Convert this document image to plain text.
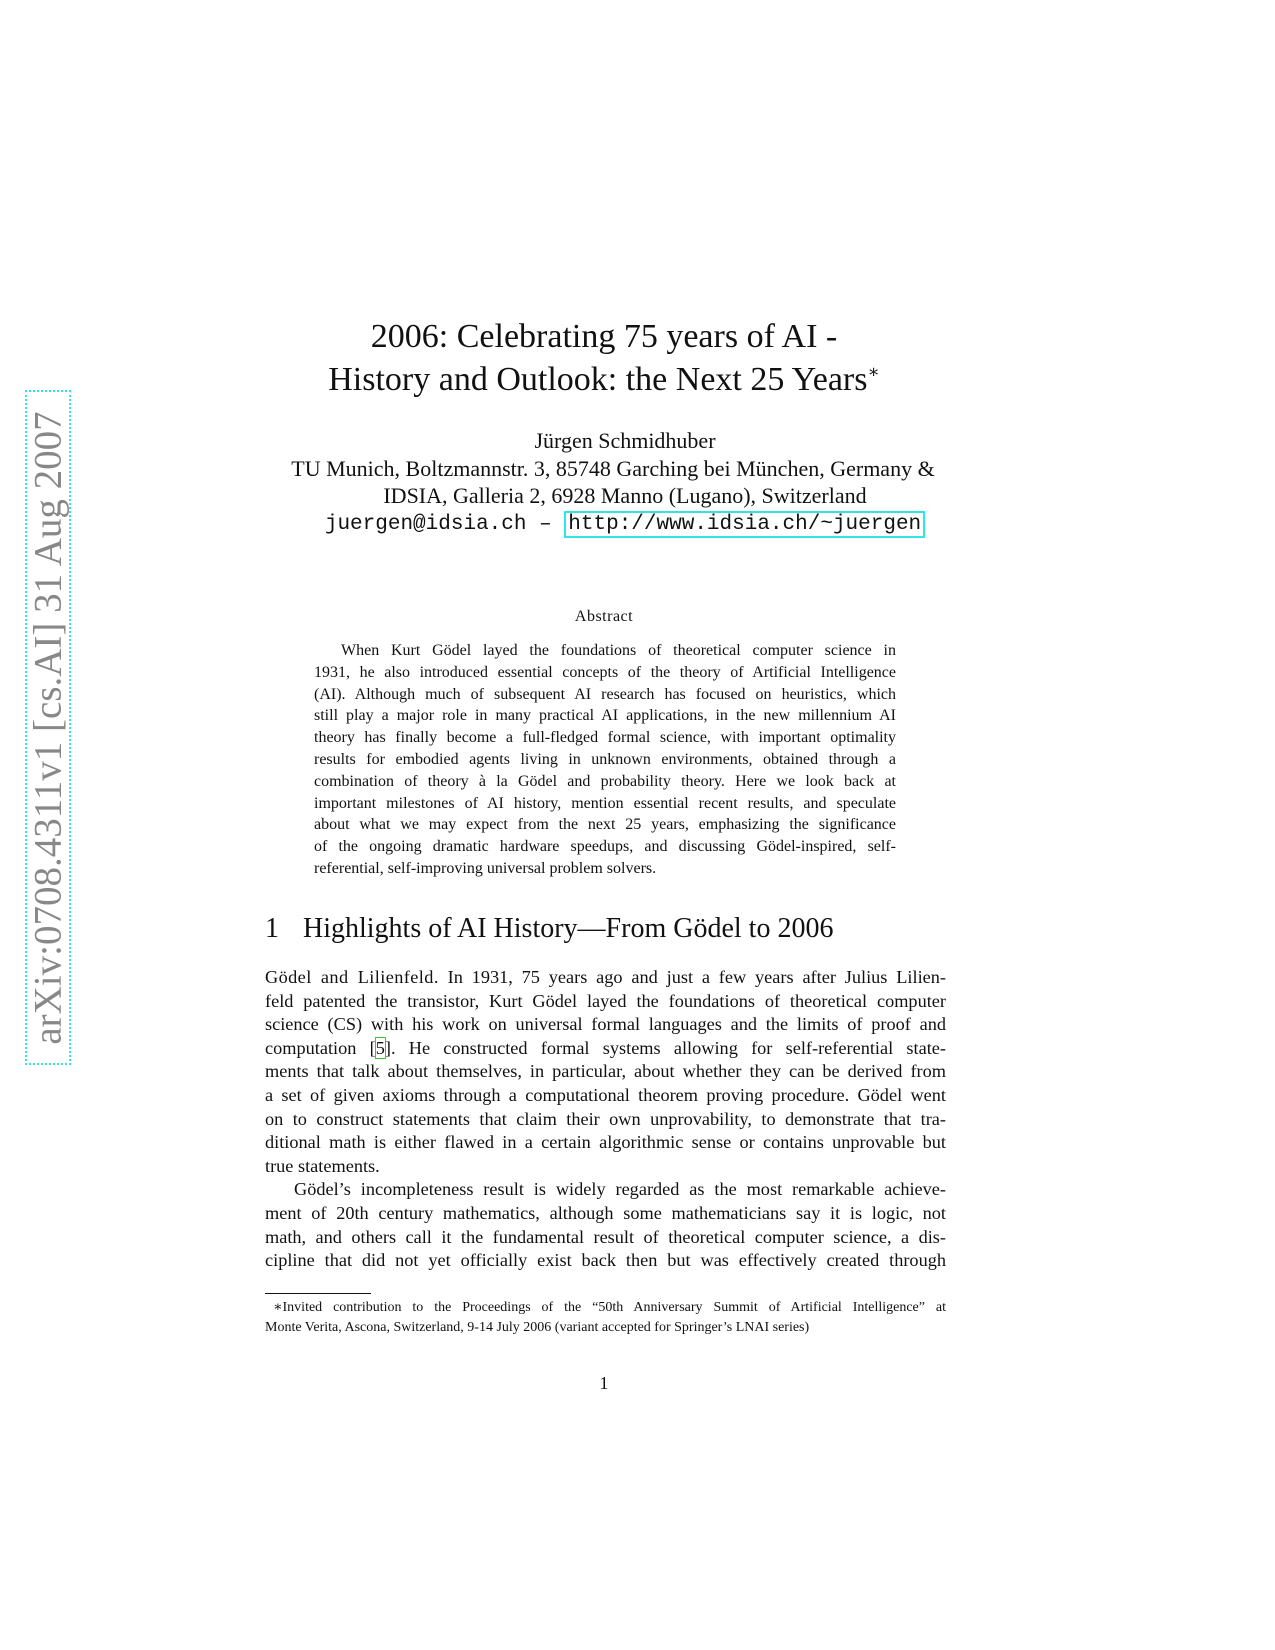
arXiv:0708.4311v1 [cs.AI] 31 Aug 2007
2006: Celebrating 75 years of AI -
History and Outlook: the Next 25 Years∗
Jürgen Schmidhuber
TU Munich, Boltzmannstr. 3, 85748 Garching bei München, Germany &
IDSIA, Galleria 2, 6928 Manno (Lugano), Switzerland
juergen@idsia.ch – http://www.idsia.ch/~juergen
Abstract
When Kurt Gödel layed the foundations of theoretical computer science in
1931, he also introduced essential concepts of the theory of Artificial Intelligence
(AI). Although much of subsequent AI research has focused on heuristics, which
still play a major role in many practical AI applications, in the new millennium AI
theory has finally become a full-fledged formal science, with important optimality
results for embodied agents living in unknown environments, obtained through a
combination of theory à la Gödel and probability theory. Here we look back at
important milestones of AI history, mention essential recent results, and speculate
about what we may expect from the next 25 years, emphasizing the significance
of the ongoing dramatic hardware speedups, and discussing Gödel-inspired, self-
referential, self-improving universal problem solvers.
1 Highlights of AI History—From Gödel to 2006
Gödel and Lilienfeld. In 1931, 75 years ago and just a few years after Julius Lilien-
feld patented the transistor, Kurt Gödel layed the foundations of theoretical computer
science (CS) with his work on universal formal languages and the limits of proof and
computation [5]. He constructed formal systems allowing for self-referential state-
ments that talk about themselves, in particular, about whether they can be derived from
a set of given axioms through a computational theorem proving procedure. Gödel went
on to construct statements that claim their own unprovability, to demonstrate that tra-
ditional math is either flawed in a certain algorithmic sense or contains unprovable but
true statements.
Gödel’s incompleteness result is widely regarded as the most remarkable achieve-
ment of 20th century mathematics, although some mathematicians say it is logic, not
math, and others call it the fundamental result of theoretical computer science, a dis-
cipline that did not yet officially exist back then but was effectively created through
∗Invited contribution to the Proceedings of the “50th Anniversary Summit of Artificial Intelligence” at
Monte Verita, Ascona, Switzerland, 9-14 July 2006 (variant accepted for Springer’s LNAI series)
1
